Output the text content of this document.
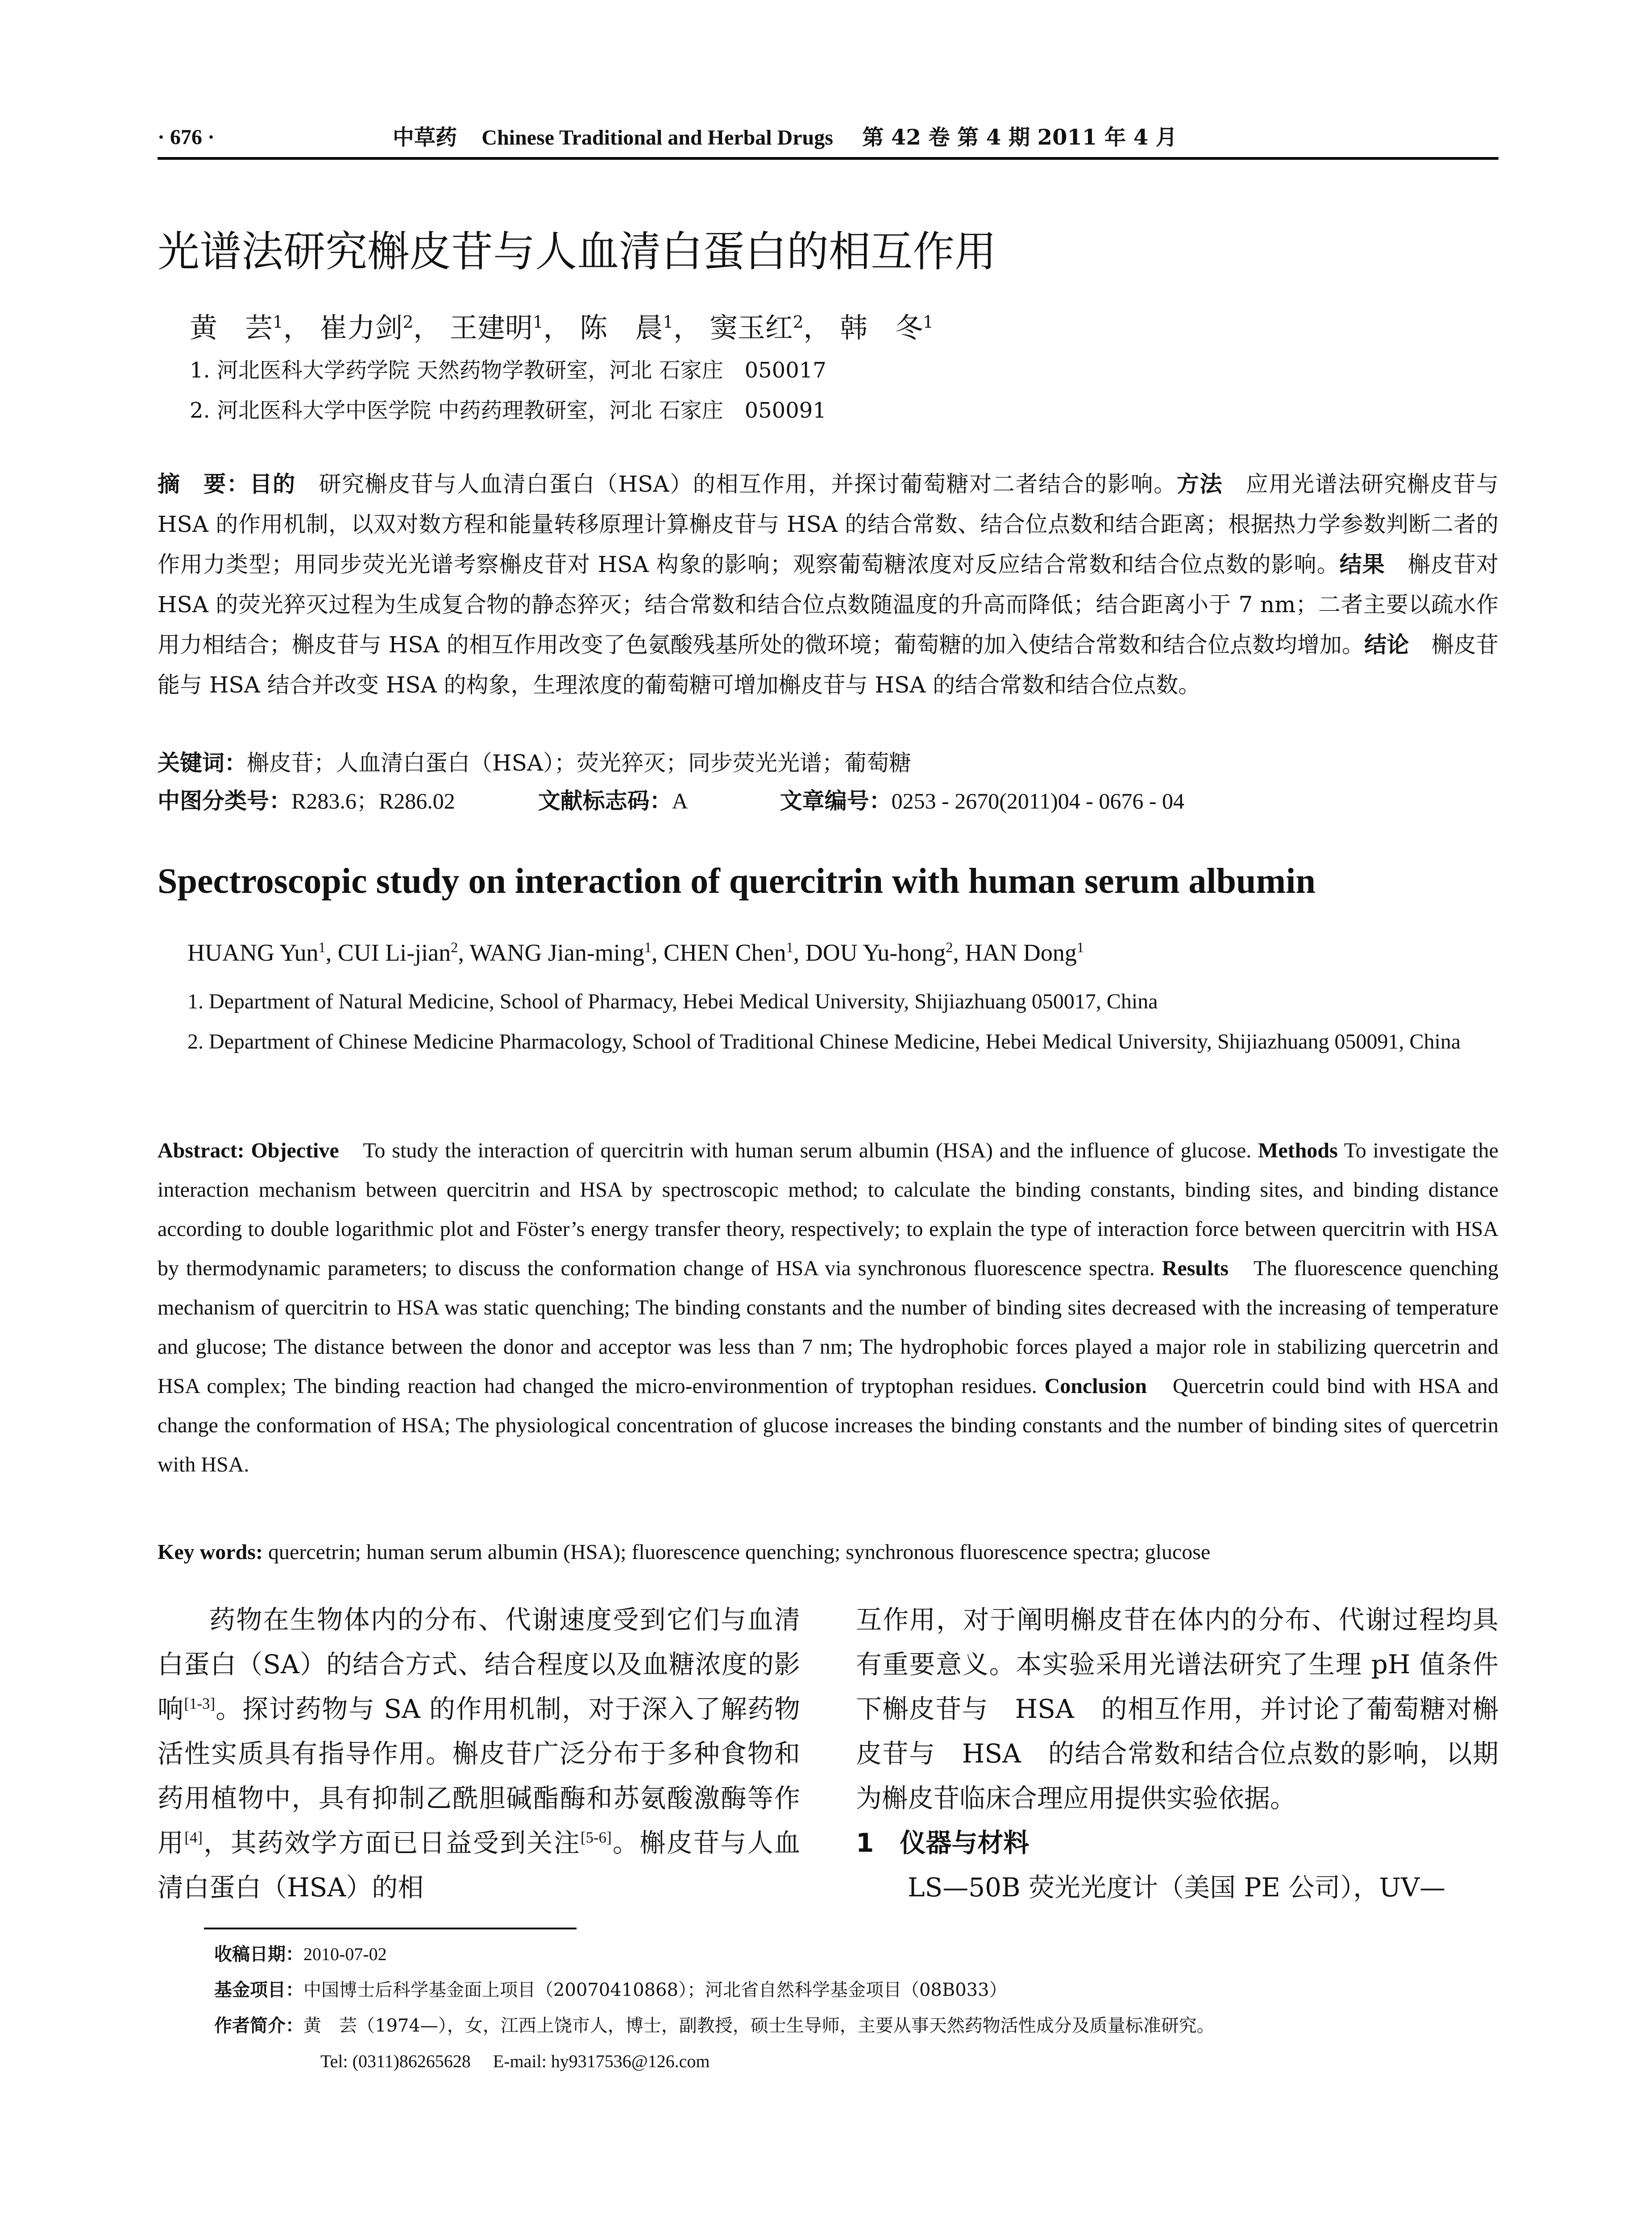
· 676 ·	中草药 Chinese Traditional and Herbal Drugs 第 42 卷 第 4 期 2011 年 4 月
光谱法研究槲皮苷与人血清白蛋白的相互作用
黄　芸$^1$， 崔力剑$^2$， 王建明$^1$， 陈　晨$^1$， 窦玉红$^2$， 韩　冬$^1$
1. 河北医科大学药学院 天然药物学教研室，河北 石家庄　050017
2. 河北医科大学中医学院 中药药理教研室，河北 石家庄　050091
摘　要：目的　研究槲皮苷与人血清白蛋白（HSA）的相互作用，并探讨葡萄糖对二者结合的影响。方法　应用光谱法研究槲皮苷与 HSA 的作用机制，以双对数方程和能量转移原理计算槲皮苷与 HSA 的结合常数、结合位点数和结合距离；根据热力学参数判断二者的作用力类型；用同步荧光光谱考察槲皮苷对 HSA 构象的影响；观察葡萄糖浓度对反应结合常数和结合位点数的影响。结果　槲皮苷对 HSA 的荧光猝灭过程为生成复合物的静态猝灭；结合常数和结合位点数随温度的升高而降低；结合距离小于 7 nm；二者主要以疏水作用力相结合；槲皮苷与 HSA 的相互作用改变了色氨酸残基所处的微环境；葡萄糖的加入使结合常数和结合位点数均增加。结论　槲皮苷能与 HSA 结合并改变 HSA 的构象，生理浓度的葡萄糖可增加槲皮苷与 HSA 的结合常数和结合位点数。
关键词：槲皮苷；人血清白蛋白（HSA）；荧光猝灭；同步荧光光谱；葡萄糖
中图分类号：R283.6；R286.02	文献标志码：A	文章编号：0253 - 2670(2011)04 - 0676 - 04
Spectroscopic study on interaction of quercitrin with human serum albumin
HUANG Yun$^1$, CUI Li-jian$^2$, WANG Jian-ming$^1$, CHEN Chen$^1$, DOU Yu-hong$^2$, HAN Dong$^1$
1. Department of Natural Medicine, School of Pharmacy, Hebei Medical University, Shijiazhuang 050017, China
2. Department of Chinese Medicine Pharmacology, School of Traditional Chinese Medicine, Hebei Medical University, Shijiazhuang 050091, China
Abstract: Objective　To study the interaction of quercitrin with human serum albumin (HSA) and the influence of glucose. Methods To investigate the interaction mechanism between quercitrin and HSA by spectroscopic method; to calculate the binding constants, binding sites, and binding distance according to double logarithmic plot and Föster’s energy transfer theory, respectively; to explain the type of interaction force between quercitrin with HSA by thermodynamic parameters; to discuss the conformation change of HSA via synchronous fluorescence spectra. Results　The fluorescence quenching mechanism of quercitrin to HSA was static quenching; The binding constants and the number of binding sites decreased with the increasing of temperature and glucose; The distance between the donor and acceptor was less than 7 nm; The hydrophobic forces played a major role in stabilizing quercetrin and HSA complex; The binding reaction had changed the micro-environmention of tryptophan residues. Conclusion　Quercetrin could bind with HSA and change the conformation of HSA; The physiological concentration of glucose increases the binding constants and the number of binding sites of quercetrin with HSA.
Key words: quercetrin; human serum albumin (HSA); fluorescence quenching; synchronous fluorescence spectra; glucose

药物在生物体内的分布、代谢速度受到它们与血清白蛋白（SA）的结合方式、结合程度以及血糖浓度的影响[1-3]。探讨药物与 SA 的作用机制，对于深入了解药物活性实质具有指导作用。槲皮苷广泛分布于多种食物和药用植物中，具有抑制乙酰胆碱酯酶和苏氨酸激酶等作用[4]，其药效学方面已日益受到关注[5-6]。槲皮苷与人血清白蛋白（HSA）的相

互作用，对于阐明槲皮苷在体内的分布、代谢过程均具有重要意义。本实验采用光谱法研究了生理 pH 值条件下槲皮苷与　HSA　的相互作用，并讨论了葡萄糖对槲皮苷与　HSA　的结合常数和结合位点数的影响，以期为槲皮苷临床合理应用提供实验依据。

1　仪器与材料

LS—50B 荧光光度计（美国 PE 公司），UV—

收稿日期：2010-07-02
基金项目：中国博士后科学基金面上项目（20070410868）；河北省自然科学基金项目（08B033）
作者简介：黄　芸（1974—），女，江西上饶市人，博士，副教授，硕士生导师，主要从事天然药物活性成分及质量标准研究。
Tel: (0311)86265628　 E-mail: hy9317536@126.com
